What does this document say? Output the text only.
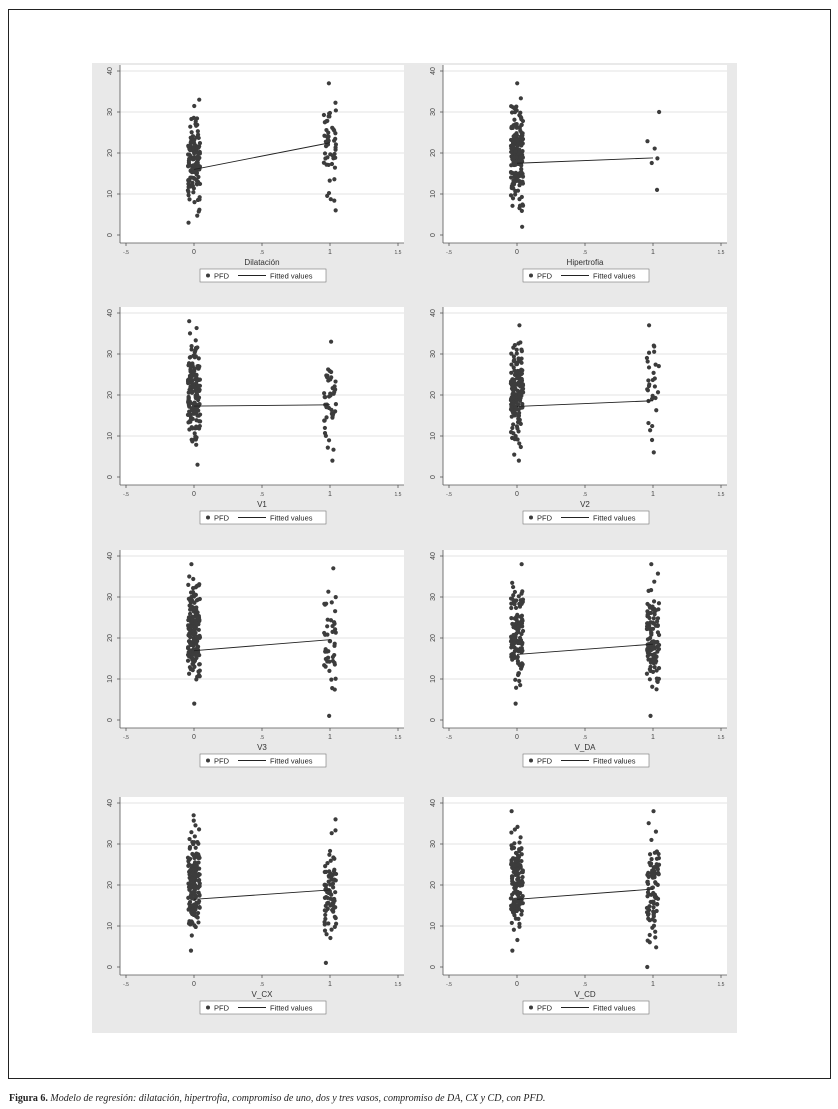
0
10
20
30
40
-.5	0	.5	1	1.5
Dilatación
PFD	Fitted values
0
10
20
30
40
-.5	0	.5	1	1.5
Hipertrofia
PFD	Fitted values
0
10
20
30
40
-.5	0	.5	1	1.5
V1
PFD	Fitted values
0
10
20
30
40
-.5	0	.5	1	1.5
V2
PFD	Fitted values
0
10
20
30
40
-.5	0	.5	1	1.5
V3
PFD	Fitted values
0
10
20
30
40
-.5	0	.5	1	1.5
V_DA
PFD	Fitted values
0
10
20
30
40
-.5	0	.5	1	1.5
V_CX
PFD	Fitted values
0
10
20
30
40
-.5	0	.5	1	1.5
V_CD
PFD	Fitted values
Figura 6. Modelo de regresión: dilatación, hipertrofia, compromiso de uno, dos y tres vasos, compromiso de DA, CX y CD, con PFD.
